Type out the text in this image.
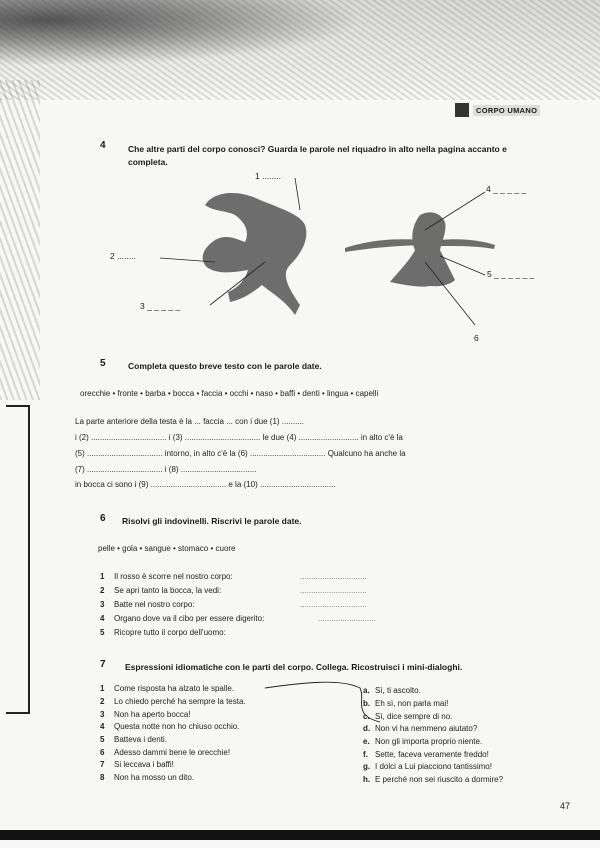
CORPO UMANO
4	Che altre parti del corpo conosci? Guarda le parole nel riquadro in alto nella pagina accanto e completa.
1 ........
2 ........
3 _ _ _ _ _
4 _ _ _ _ _
5 _ _ _ _ _ _
6
5	Completa questo breve testo con le parole date.
orecchie • fronte • barba • bocca • faccia • occhi • naso • baffi • denti • lingua • capelli
La parte anteriore della testa è la ... faccia ... con i due (1) ..........
i (2) .................................. i (3) .................................. le due (4) ........................... in alto c'è la
(5) .................................. intorno, in alto c'è la (6) .................................. Qualcuno ha anche la
(7) .................................. i (8) ..................................
in bocca ci sono i (9) .................................. e la (10) ..................................
6 Risolvi gli indovinelli. Riscrivi le parole date.
pelle • gola • sangue • stomaco • cuore
1 Il rosso è scorre nel nostro corpo:
2 Se apri tanto la bocca, la vedi:
3 Batte nel nostro corpo:
4 Organo dove va il cibo per essere digerito:
5 Ricopre tutto il corpo dell'uomo:
..............................
..............................
..............................
..........................
7 Espressioni idiomatiche con le parti del corpo. Collega. Ricostruisci i mini-dialoghi.
1 Come risposta ha alzato le spalle.
2 Lo chiedo perché ha sempre la testa.
3 Non ha aperto bocca!
4 Questa notte non ho chiuso occhio.
5 Batteva i denti.
6 Adesso dammi bene le orecchie!
7 Si leccava i baffi!
8 Non ha mosso un dito.
a. Sì, ti ascolto.
b. Eh sì, non parla mai!
c. Sì, dice sempre di no.
d. Non vi ha nemmeno aiutato?
e. Non gli importa proprio niente.
f. Sette, faceva veramente freddo!
g. I dolci a Lui piacciono tantissimo!
h. E perché non sei riuscito a dormire?
47
